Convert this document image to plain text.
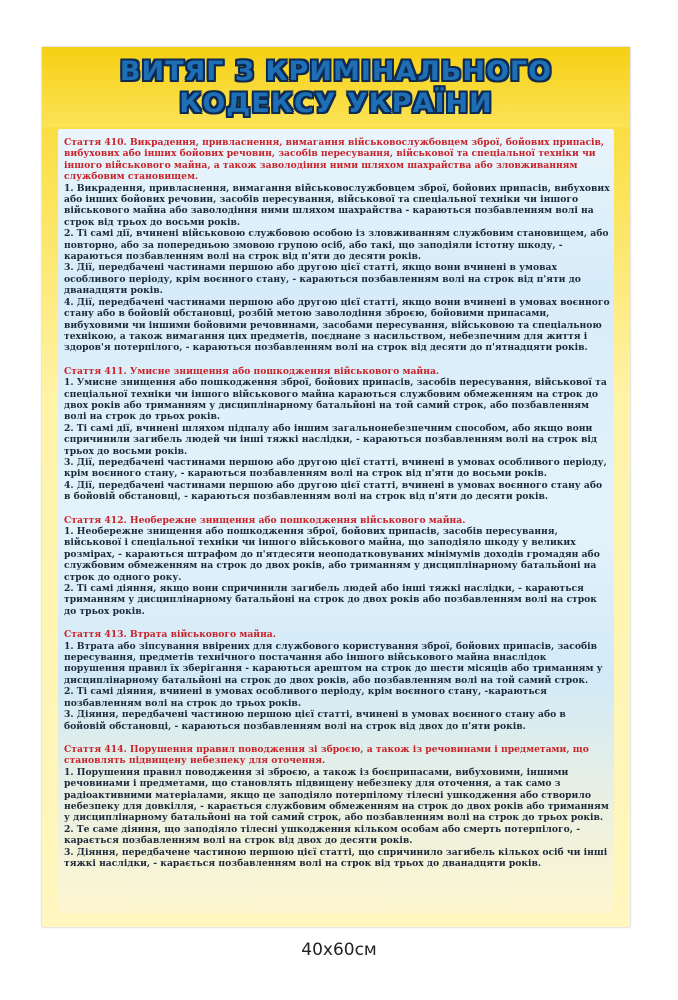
ВИТЯГ З КРИМІНАЛЬНОГО
КОДЕКСУ УКРАЇНИ
Стаття 410. Викрадення, привласнення, вимагання військовослужбовцем зброї, бойових припасів, вибухових або інших бойових речовин, засобів пересування, військової та спеціальної техніки чи іншого військового майна, а також заволодіння ними шляхом шахрайства або зловживанням службовим становищем.
1. Викрадення, привласнення, вимагання військовослужбовцем зброї, бойових припасів, вибухових або інших бойових речовин, засобів пересування, військової та спеціальної техніки чи іншого військового майна або заволодіння ними шляхом шахрайства - караються позбавленням волі на строк від трьох до восьми років.
2. Ті самі дії, вчинені військовою службовою особою із зловживанням службовим становищем, або повторно, або за попередньою змовою групою осіб, або такі, що заподіяли істотну шкоду, - караються позбавленням волі на строк від п'яти до десяти років.
3. Дії, передбачені частинами першою або другою цієї статті, якщо вони вчинені в умовах особливого періоду, крім воєнного стану, - караються позбавленням волі на строк від п'яти до дванадцяти років.
4. Дії, передбачені частинами першою або другою цієї статті, якщо вони вчинені в умовах воєнного стану або в бойовій обстановці, розбій метою заволодіння зброєю, бойовими припасами, вибуховими чи іншими бойовими речовинами, засобами пересування, військовою та спеціальною технікою, а також вимагання цих предметів, поєднане з насильством, небезпечним для життя і здоров'я потерпілого, - караються позбавленням волі на строк від десяти до п'ятнадцяти років.
Стаття 411. Умисне знищення або пошкодження військового майна.
1. Умисне знищення або пошкодження зброї, бойових припасів, засобів пересування, військової та спеціальної техніки чи іншого військового майна караються службовим обмеженням на строк до двох років або триманням у дисциплінарному батальйоні на той самий строк, або позбавленням волі на строк до трьох років.
2. Ті самі дії, вчинені шляхом підпалу або іншим загальнонебезпечним способом, або якщо вони спричинили загибель людей чи інші тяжкі наслідки, - караються позбавленням волі на строк від трьох до восьми років.
3. Дії, передбачені частинами першою або другою цієї статті, вчинені в умовах особливого періоду, крім воєнного стану, - караються позбавленням волі на строк від п'яти до восьми років.
4. Дії, передбачені частинами першою або другою цієї статті, вчинені в умовах воєнного стану або в бойовій обстановці, - караються позбавленням волі на строк від п'яти до десяти років.
Стаття 412. Необережне знищення або пошкодження військового майна.
1. Необережне знищення або пошкодження зброї, бойових припасів, засобів пересування, військової і спеціальної техніки чи іншого військового майна, що заподіяло шкоду у великих розмірах, - караються штрафом до п'ятдесяти неоподатковуваних мінімумів доходів громадян або службовим обмеженням на строк до двох років, або триманням у дисциплінарному батальйоні на строк до одного року.
2. Ті самі діяння, якщо вони спричинили загибель людей або інші тяжкі наслідки, - караються триманням у дисциплінарному батальйоні на строк до двох років або позбавленням волі на строк до трьох років.
Стаття 413. Втрата військового майна.
1. Втрата або зіпсування ввірених для службового користування зброї, бойових припасів, засобів пересування, предметів технічного постачання або іншого військового майна внаслідок порушення правил їх зберігання - караються арештом на строк до шести місяців або триманням у дисциплінарному батальйоні на строк до двох років, або позбавленням волі на той самий строк.
2. Ті самі діяння, вчинені в умовах особливого періоду, крім воєнного стану, -караються позбавленням волі на строк до трьох років.
3. Діяння, передбачені частиною першою цієї статті, вчинені в умовах воєнного стану або в бойовій обстановці, - караються позбавленням волі на строк від двох до п'яти років.
Стаття 414. Порушення правил поводження зі зброєю, а також із речовинами і предметами, що становлять підвищену небезпеку для оточення.
1. Порушення правил поводження зі зброєю, а також із боєприпасами, вибуховими, іншими речовинами і предметами, що становлять підвищену небезпеку для оточення, а так само з радіоактивними матеріалами, якщо це заподіяло потерпілому тілесні ушкодження або створило небезпеку для довкілля, - карається службовим обмеженням на строк до двох років або триманням у дисциплінарному батальйоні на той самий строк, або позбавленням волі на строк до трьох років.
2. Те саме діяння, що заподіяло тілесні ушкодження кільком особам або смерть потерпілого, - карається позбавленням волі на строк від двох до десяти років.
3. Діяння, передбачене частиною першою цієї статті, що спричинило загибель кількох осіб чи інші тяжкі наслідки, - карається позбавленням волі на строк від трьох до дванадцяти років.
40х60см
